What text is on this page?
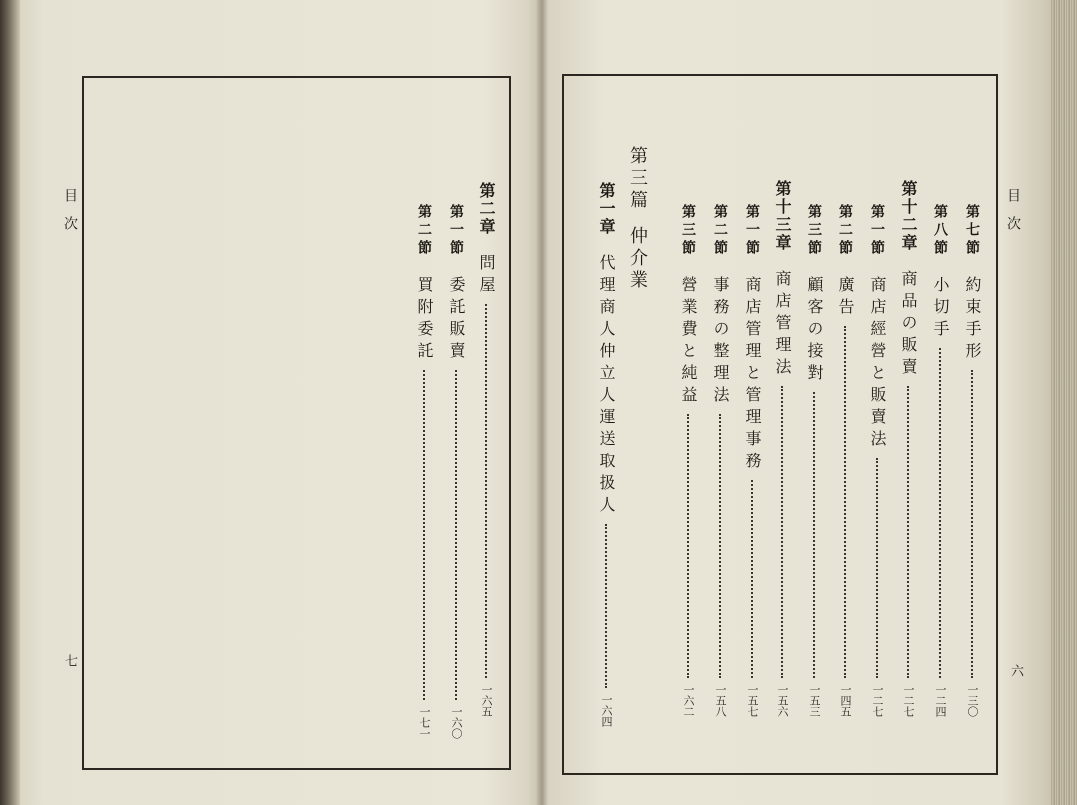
目次
七
第二章
問屋
一六五
第一節
委託販賣
一六〇
第二節
買附委託
一七一
目次
六
第三篇仲介業	第七節
約束手形
一三〇
第八節
小切手
一二四
第十二章
商品の販賣
一二七
第一節
商店經營と販賣法
一二七
第二節
廣告
一四五
第三節
顧客の接對
一五三
第十三章
商店管理法
一五六
第一節
商店管理と管理事務
一五七
第二節
事務の整理法
一五八
第三節
營業費と純益
一六二
第一章
代理商人仲立人運送取扱人
一六四
